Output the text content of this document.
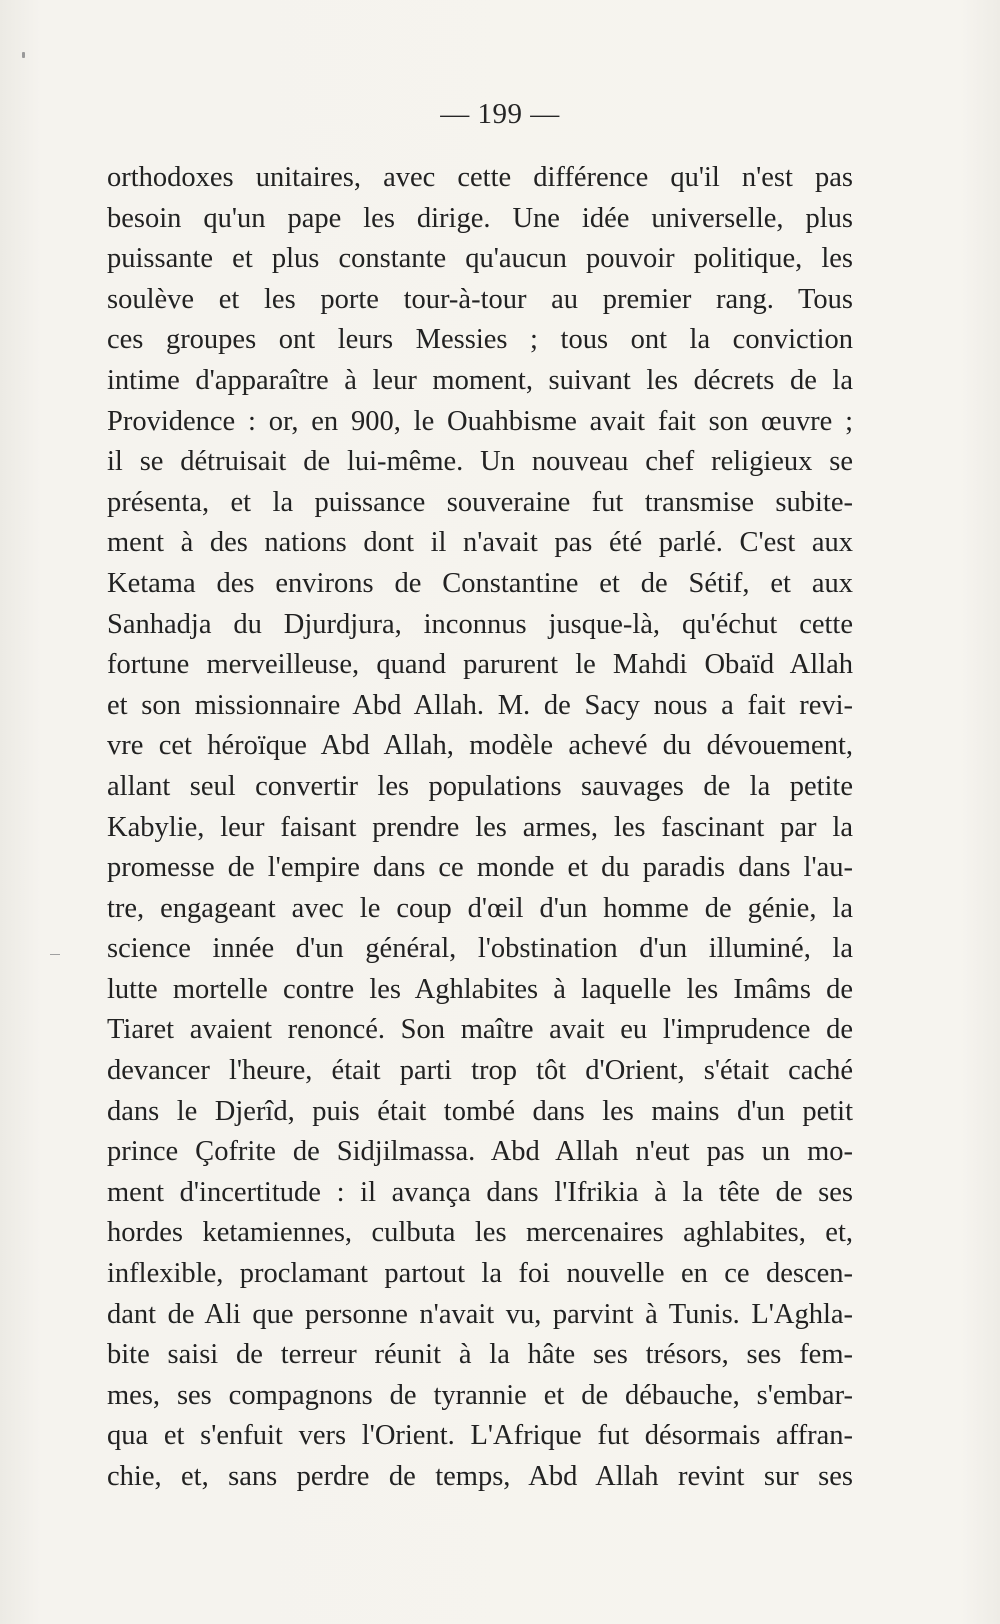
— 199 —
orthodoxes unitaires, avec cette différence qu'il n'est pas
besoin qu'un pape les dirige. Une idée universelle, plus
puissante et plus constante qu'aucun pouvoir politique, les
soulève et les porte tour-à-tour au premier rang. Tous
ces groupes ont leurs Messies ; tous ont la conviction
intime d'apparaître à leur moment, suivant les décrets de la
Providence : or, en 900, le Ouahbisme avait fait son œuvre ;
il se détruisait de lui-même. Un nouveau chef religieux se
présenta, et la puissance souveraine fut transmise subite-
ment à des nations dont il n'avait pas été parlé. C'est aux
Ketama des environs de Constantine et de Sétif, et aux
Sanhadja du Djurdjura, inconnus jusque-là, qu'échut cette
fortune merveilleuse, quand parurent le Mahdi Obaïd Allah
et son missionnaire Abd Allah. M. de Sacy nous a fait revi-
vre cet héroïque Abd Allah, modèle achevé du dévouement,
allant seul convertir les populations sauvages de la petite
Kabylie, leur faisant prendre les armes, les fascinant par la
promesse de l'empire dans ce monde et du paradis dans l'au-
tre, engageant avec le coup d'œil d'un homme de génie, la
science innée d'un général, l'obstination d'un illuminé, la
lutte mortelle contre les Aghlabites à laquelle les Imâms de
Tiaret avaient renoncé. Son maître avait eu l'imprudence de
devancer l'heure, était parti trop tôt d'Orient, s'était caché
dans le Djerîd, puis était tombé dans les mains d'un petit
prince Çofrite de Sidjilmassa. Abd Allah n'eut pas un mo-
ment d'incertitude : il avança dans l'Ifrikia à la tête de ses
hordes ketamiennes, culbuta les mercenaires aghlabites, et,
inflexible, proclamant partout la foi nouvelle en ce descen-
dant de Ali que personne n'avait vu, parvint à Tunis. L'Aghla-
bite saisi de terreur réunit à la hâte ses trésors, ses fem-
mes, ses compagnons de tyrannie et de débauche, s'embar-
qua et s'enfuit vers l'Orient. L'Afrique fut désormais affran-
chie, et, sans perdre de temps, Abd Allah revint sur ses
